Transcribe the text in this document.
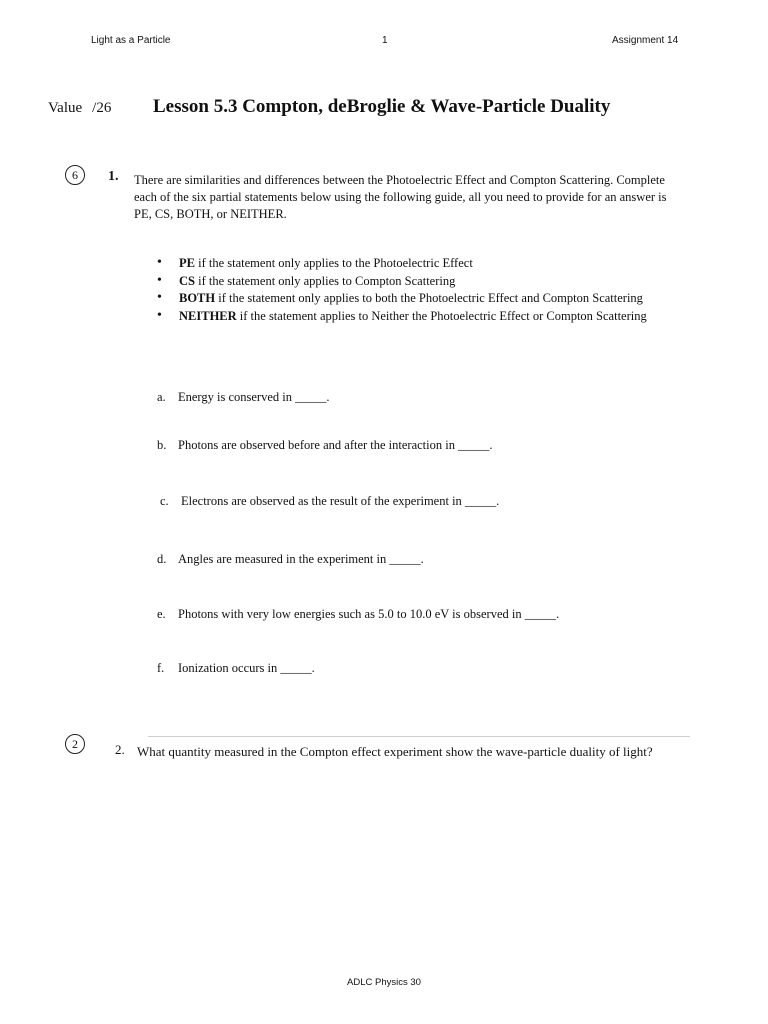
Light as a Particle	1	Assignment 14
Value /26 Lesson 5.3 Compton, deBroglie & Wave-Particle Duality
6	1. There are similarities and differences between the Photoelectric Effect and Compton Scattering. Complete each of the six partial statements below using the following guide, all you need to provide for an answer is PE, CS, BOTH, or NEITHER.
• PE if the statement only applies to the Photoelectric Effect
• CS if the statement only applies to Compton Scattering
• BOTH if the statement only applies to both the Photoelectric Effect and Compton Scattering
• NEITHER if the statement applies to Neither the Photoelectric Effect or Compton Scattering
a. Energy is conserved in _____.
b. Photons are observed before and after the interaction in _____.
c. Electrons are observed as the result of the experiment in _____.
d. Angles are measured in the experiment in _____.
e. Photons with very low energies such as 5.0 to 10.0 eV is observed in _____.
f. Ionization occurs in _____.
2	2. What quantity measured in the Compton effect experiment show the wave-particle duality of light?
ADLC Physics 30
